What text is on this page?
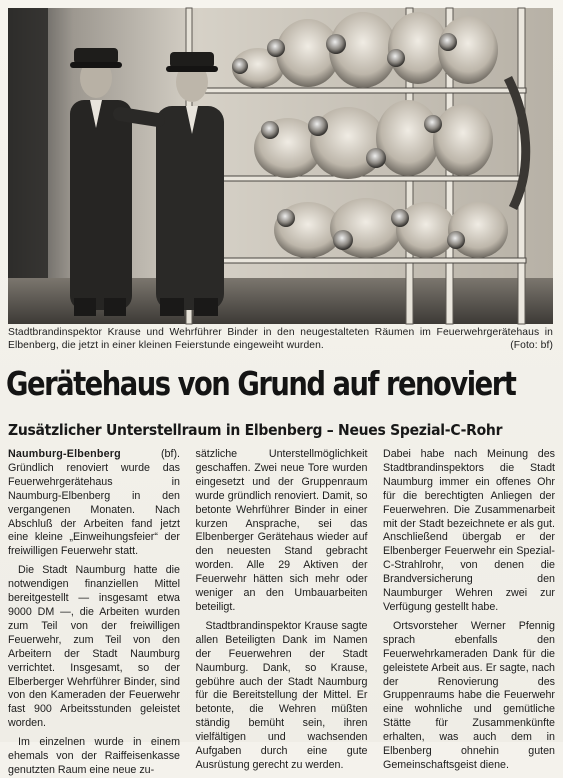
Stadtbrandinspektor Krause und Wehrführer Binder in den neugestalteten Räumen im Feuerwehrgerätehaus in Elbenberg, die jetzt in einer kleinen Feierstunde eingeweiht wurden.	(Foto: bf)
Gerätehaus von Grund auf renoviert
Zusätzlicher Unterstellraum in Elbenberg – Neues Spezial-C-Rohr

Naumburg-Elbenberg	(bf). Gründlich renoviert wurde das Feuerwehrgerätehaus in Naumburg-Elbenberg in den vergangenen Monaten. Nach Abschluß der Arbeiten fand jetzt eine kleine „Einweihungsfeier“ der freiwilligen Feuerwehr statt.

Die Stadt Naumburg hatte die notwendigen finanziellen Mittel bereitgestellt — insgesamt etwa 9000 DM —, die Arbeiten wurden zum Teil von der freiwilligen Feuerwehr, zum Teil von den Arbeitern der Stadt Naumburg verrichtet. Insgesamt, so der Elberberger Wehrführer Binder, sind von den Kameraden der Feuerwehr fast 900 Arbeitsstunden geleistet worden.

Im einzelnen wurde in einem ehemals von der Raiffeisenkasse genutzten Raum eine neue zu-

sätzliche Unterstellmöglichkeit geschaffen. Zwei neue Tore wurden eingesetzt und der Gruppenraum wurde gründlich renoviert. Damit, so betonte Wehrführer Binder in einer kurzen Ansprache, sei das Elbenberger Gerätehaus wieder auf den neuesten Stand gebracht worden. Alle 29 Aktiven der Feuerwehr hätten sich mehr oder weniger an den Umbauarbeiten beteiligt.

Stadtbrandinspektor Krause sagte allen Beteiligten Dank im Namen der Feuerwehren der Stadt Naumburg. Dank, so Krause, gebühre auch der Stadt Naumburg für die Bereitstellung der Mittel. Er betonte, die Wehren müßten ständig bemüht sein, ihren vielfältigen und wachsenden Aufgaben durch eine gute Ausrüstung gerecht zu werden.

Dabei habe nach Meinung des Stadtbrandinspektors die Stadt Naumburg immer ein offenes Ohr für die berechtigten Anliegen der Feuerwehren. Die Zusammenarbeit mit der Stadt bezeichnete er als gut. Anschließend übergab er der Elbenberger Feuerwehr ein Spezial-C-Strahlrohr, von denen die Brandversicherung den Naumburger Wehren zwei zur Verfügung gestellt habe.

Ortsvorsteher Werner Pfennig sprach ebenfalls den Feuerwehrkameraden Dank für die geleistete Arbeit aus. Er sagte, nach der Renovierung des Gruppenraums habe die Feuerwehr eine wohnliche und gemütliche Stätte für Zusammenkünfte erhalten, was auch dem in Elbenberg ohnehin guten Gemeinschaftsgeist diene.
